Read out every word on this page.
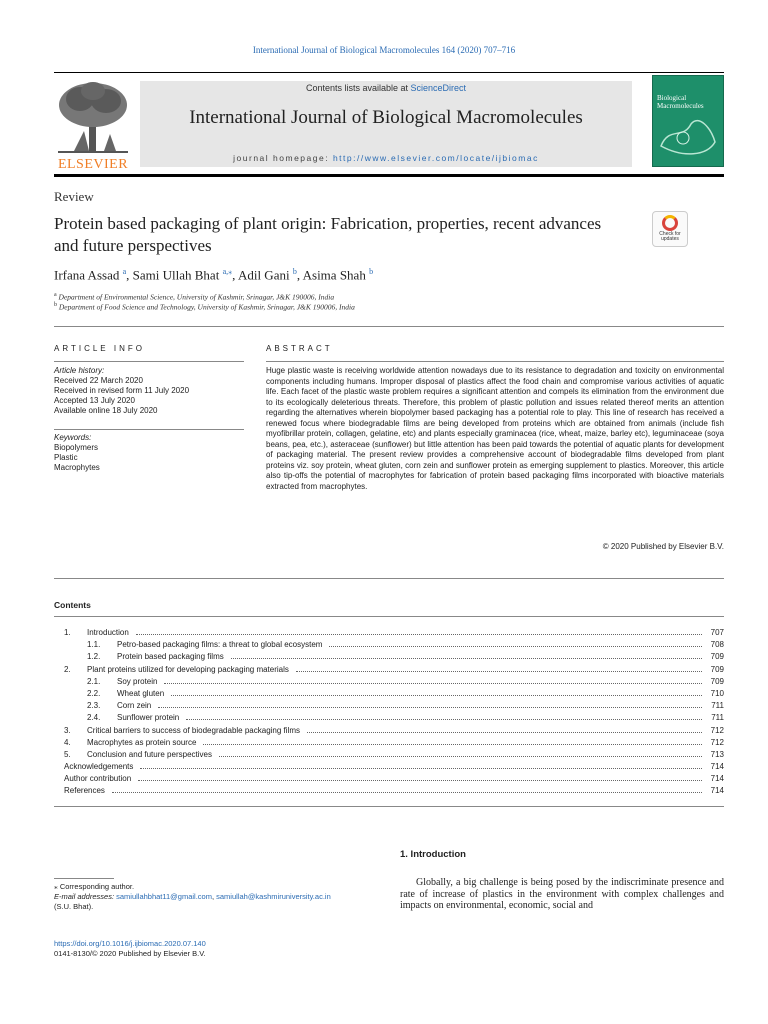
International Journal of Biological Macromolecules 164 (2020) 707–716
ELSEVIER
Contents lists available at ScienceDirect
International Journal of Biological Macromolecules
journal homepage: http://www.elsevier.com/locate/ijbiomac
Biological Macromolecules
Review
Protein based packaging of plant origin: Fabrication, properties, recent advances and future perspectives
Check for
updates
Irfana Assad $^a$, Sami Ullah Bhat $^{a,⁎}$, Adil Gani $^b$, Asima Shah $^b$
$^a$ Department of Environmental Science, University of Kashmir, Srinagar, J&K 190006, India
$^b$ Department of Food Science and Technology, University of Kashmir, Srinagar, J&K 190006, India
ARTICLE INFO	ABSTRACT
Article history:
Received 22 March 2020
Received in revised form 11 July 2020
Accepted 13 July 2020
Available online 18 July 2020
Keywords:
Biopolymers
Plastic
Macrophytes
Huge plastic waste is receiving worldwide attention nowadays due to its resistance to degradation and toxicity on environmental components including humans. Improper disposal of plastics affect the food chain and compromise various activities of aquatic life. Each facet of the plastic waste problem requires a significant attention and compels its elimination from the environment due to its ecologically deleterious threats. Therefore, this problem of plastic pollution and issues related thereof merits an attention regarding the alternatives wherein biopolymer based packaging has a potential role to play. This line of research has received a renewed focus where biodegradable films are being developed from proteins which are obtained from animals (include fish myofibrillar protein, collagen, gelatine, etc) and plants especially graminacea (rice, wheat, maize, barley etc), leguminaceae (soya beans, pea, etc.), asteraceae (sunflower) but little attention has been paid towards the potential of aquatic plants for development of packaging material. The present review provides a comprehensive account of biodegradable films developed from plant proteins viz. soy protein, wheat gluten, corn zein and sunflower protein as emerging supplement to plastics. Moreover, this article also tip-offs the potential of macrophytes for fabrication of protein based packaging films incorporated with bioactive materials extracted from macrophytes.
© 2020 Published by Elsevier B.V.
Contents
1.	Introduction	707
1.1.	Petro-based packaging films: a threat to global ecosystem	708
1.2.	Protein based packaging films	709
2.	Plant proteins utilized for developing packaging materials	709
2.1.	Soy protein	709
2.2.	Wheat gluten	710
2.3.	Corn zein	711
2.4.	Sunflower protein	711
3.	Critical barriers to success of biodegradable packaging films	712
4.	Macrophytes as protein source	712
5.	Conclusion and future perspectives	713
Acknowledgements	714
Author contribution	714
References	714
1. Introduction
Globally, a big challenge is being posed by the indiscriminate presence and rate of increase of plastics in the environment with complex challenges and impacts on environmental, economic, social and
⁎ Corresponding author.
E-mail addresses: samiullahbhat11@gmail.com, samiullah@kashmiruniversity.ac.in
(S.U. Bhat).
https://doi.org/10.1016/j.ijbiomac.2020.07.140
0141-8130/© 2020 Published by Elsevier B.V.
